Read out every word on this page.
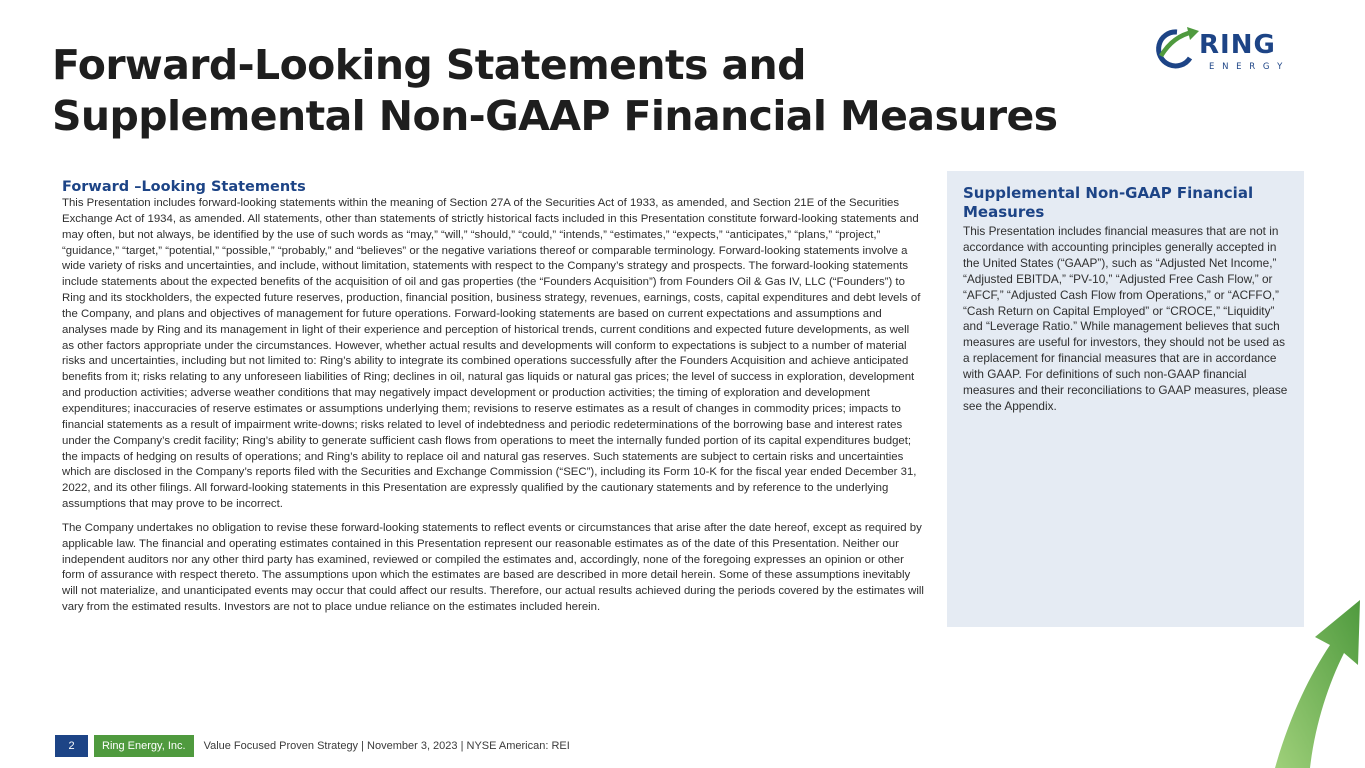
Forward-Looking Statements and
Supplemental Non-GAAP Financial Measures
RING
E N E R G Y
Forward –Looking Statements

This Presentation includes forward-looking statements within the meaning of Section 27A of the Securities Act of 1933, as amended, and Section 21E of the Securities Exchange Act of 1934, as amended. All statements, other than statements of strictly historical facts included in this Presentation constitute forward-looking statements and may often, but not always, be identified by the use of such words as “may,” “will,” “should,” “could,” “intends,” “estimates,” “expects,” “anticipates,” “plans,” “project,” “guidance,” “target,” “potential,” “possible,” “probably,” and “believes” or the negative variations thereof or comparable terminology. Forward-looking statements involve a wide variety of risks and uncertainties, and include, without limitation, statements with respect to the Company’s strategy and prospects. The forward-looking statements include statements about the expected benefits of the acquisition of oil and gas properties (the “Founders Acquisition”) from Founders Oil & Gas IV, LLC (“Founders”) to Ring and its stockholders, the expected future reserves, production, financial position, business strategy, revenues, earnings, costs, capital expenditures and debt levels of the Company, and plans and objectives of management for future operations. Forward-looking statements are based on current expectations and assumptions and analyses made by Ring and its management in light of their experience and perception of historical trends, current conditions and expected future developments, as well as other factors appropriate under the circumstances. However, whether actual results and developments will conform to expectations is subject to a number of material risks and uncertainties, including but not limited to: Ring’s ability to integrate its combined operations successfully after the Founders Acquisition and achieve anticipated benefits from it; risks relating to any unforeseen liabilities of Ring; declines in oil, natural gas liquids or natural gas prices; the level of success in exploration, development and production activities; adverse weather conditions that may negatively impact development or production activities; the timing of exploration and development expenditures; inaccuracies of reserve estimates or assumptions underlying them; revisions to reserve estimates as a result of changes in commodity prices; impacts to financial statements as a result of impairment write-downs; risks related to level of indebtedness and periodic redeterminations of the borrowing base and interest rates under the Company’s credit facility; Ring’s ability to generate sufficient cash flows from operations to meet the internally funded portion of its capital expenditures budget; the impacts of hedging on results of operations; and Ring’s ability to replace oil and natural gas reserves. Such statements are subject to certain risks and uncertainties which are disclosed in the Company’s reports filed with the Securities and Exchange Commission (“SEC”), including its Form 10-K for the fiscal year ended December 31, 2022, and its other filings. All forward-looking statements in this Presentation are expressly qualified by the cautionary statements and by reference to the underlying assumptions that may prove to be incorrect.

The Company undertakes no obligation to revise these forward-looking statements to reflect events or circumstances that arise after the date hereof, except as required by applicable law. The financial and operating estimates contained in this Presentation represent our reasonable estimates as of the date of this Presentation. Neither our independent auditors nor any other third party has examined, reviewed or compiled the estimates and, accordingly, none of the foregoing expresses an opinion or other form of assurance with respect thereto. The assumptions upon which the estimates are based are described in more detail herein. Some of these assumptions inevitably will not materialize, and unanticipated events may occur that could affect our results. Therefore, our actual results achieved during the periods covered by the estimates will vary from the estimated results. Investors are not to place undue reliance on the estimates included herein.

Supplemental Non-GAAP Financial Measures

This Presentation includes financial measures that are not in accordance with accounting principles generally accepted in the United States (“GAAP”), such as “Adjusted Net Income,” “Adjusted EBITDA,” “PV-10,” “Adjusted Free Cash Flow,” or “AFCF,” “Adjusted Cash Flow from Operations,” or “ACFFO,” “Cash Return on Capital Employed” or “CROCE,” “Liquidity” and “Leverage Ratio.” While management believes that such measures are useful for investors, they should not be used as a replacement for financial measures that are in accordance with GAAP. For definitions of such non-GAAP financial measures and their reconciliations to GAAP measures, please see the Appendix.

2	Ring Energy, Inc.	Value Focused Proven Strategy | November 3, 2023 | NYSE American: REI
